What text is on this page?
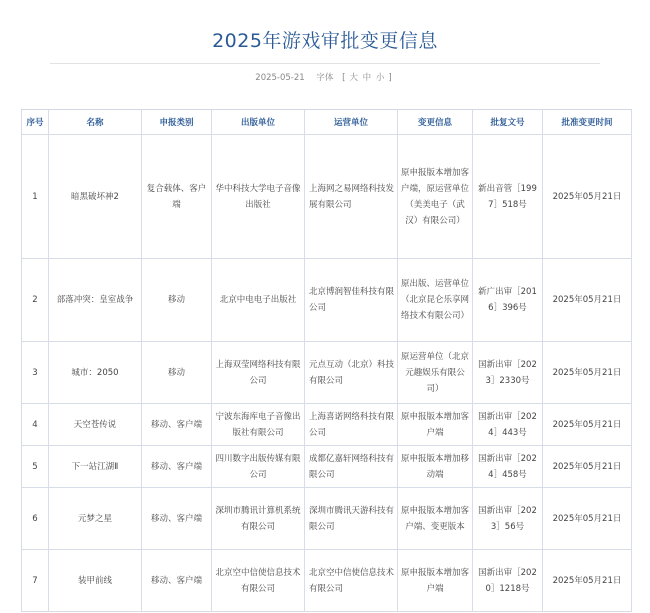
2025年游戏审批变更信息
2025-05-21 字体 [ 大 中 小 ]
序号	名称	申报类别	出版单位	运营单位	变更信息	批复文号	批准变更时间
1	暗黑破坏神2	复合载体、客户端	华中科技大学电子音像出版社	上海网之易网络科技发展有限公司	原申报版本增加客户端，原运营单位（美美电子（武汉）有限公司）	新出音管［1997］518号	2025年05月21日
2	部落冲突：皇室战争	移动	北京中电电子出版社	北京博润智佳科技有限公司	原出版、运营单位（北京昆仑乐享网络技术有限公司）	新广出审［2016］396号	2025年05月21日
3	城市：2050	移动	上海双莹网络科技有限公司	元点互动（北京）科技有限公司	原运营单位（北京元趣娱乐有限公司）	国新出审［2023］2330号	2025年05月21日
4	天空苍传说	移动、客户端	宁波东海库电子音像出版社有限公司	上海喜诺网络科技有限公司	原申报版本增加客户端	国新出审［2024］443号	2025年05月21日
5	下一站江湖Ⅱ	移动、客户端	四川数字出版传媒有限公司	成都亿嘉轩网络科技有限公司	原申报版本增加移动端	国新出审［2024］458号	2025年05月21日
6	元梦之星	移动、客户端	深圳市腾讯计算机系统有限公司	深圳市腾讯天游科技有限公司	原申报版本增加客户端、变更版本	国新出审［2023］56号	2025年05月21日
7	装甲前线	移动、客户端	北京空中信使信息技术有限公司	北京空中信使信息技术有限公司	原申报版本增加客户端	国新出审［2020］1218号	2025年05月21日
